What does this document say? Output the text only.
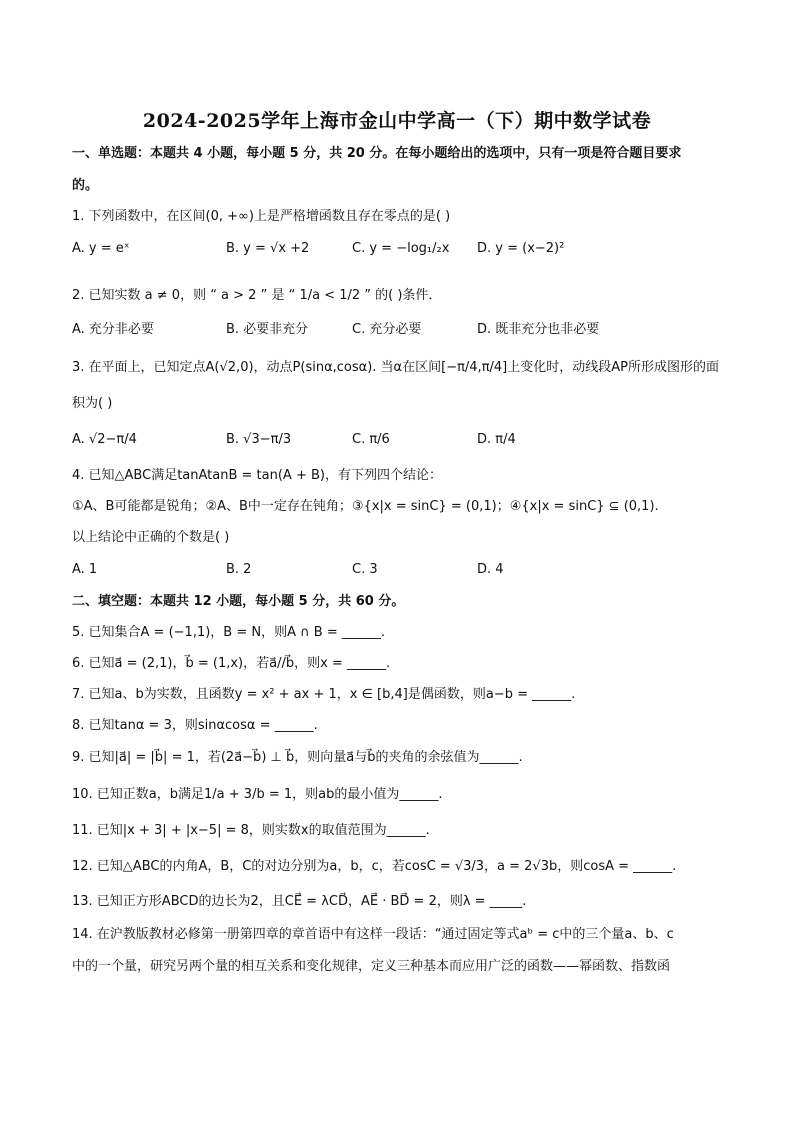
2024-2025学年上海市金山中学高一（下）期中数学试卷
一、单选题：本题共 4 小题，每小题 5 分，共 20 分。在每小题给出的选项中，只有一项是符合题目要求
的。
1. 下列函数中，在区间(0, +∞)上是严格增函数且存在零点的是( )
A. y = eˣ	B. y = √x +2	C. y = −log₁/₂x D. y = (x−2)²
2. 已知实数 a ≠ 0，则 “ a > 2 ” 是 “ 1/a < 1/2 ” 的( )条件．
A. 充分非必要	B. 必要非充分	C. 充分必要	D. 既非充分也非必要
3. 在平面上，已知定点A(√2,0)，动点P(sinα,cosα). 当α在区间[−π/4,π/4]上变化时，动线段AP所形成图形的面
积为( )
A. √2−π/4	B. √3−π/3	C. π/6	D. π/4
4. 已知△ABC满足tanAtanB = tan(A + B)，有下列四个结论：
①A、B可能都是锐角；②A、B中一定存在钝角；③{x|x = sinC} = (0,1)；④{x|x = sinC} ⊆ (0,1).
以上结论中正确的个数是( )
A. 1	B. 2	C. 3	D. 4
二、填空题：本题共 12 小题，每小题 5 分，共 60 分。
5. 已知集合A = (−1,1)，B = N，则A ∩ B = ______.
6. 已知a⃗ = (2,1)，b⃗ = (1,x)，若a⃗//b⃗，则x = ______.
7. 已知a、b为实数，且函数y = x² + ax + 1，x ∈ [b,4]是偶函数，则a−b = ______.
8. 已知tanα = 3，则sinαcosα = ______.
9. 已知|a⃗| = |b⃗| = 1，若(2a⃗−b⃗) ⊥ b⃗，则向量a⃗与b⃗的夹角的余弦值为______.
10. 已知正数a，b满足1/a + 3/b = 1，则ab的最小值为______.
11. 已知|x + 3| + |x−5| = 8，则实数x的取值范围为______.
12. 已知△ABC的内角A，B，C的对边分别为a，b，c，若cosC = √3/3，a = 2√3b，则cosA = ______.
13. 已知正方形ABCD的边长为2，且CE⃗ = λCD⃗，AE⃗ · BD⃗ = 2，则λ = _____.
14. 在沪教版教材必修第一册第四章的章首语中有这样一段话：“通过固定等式aᵇ = c中的三个量a、b、c
中的一个量，研究另两个量的相互关系和变化规律，定义三种基本而应用广泛的函数——幂函数、指数函
